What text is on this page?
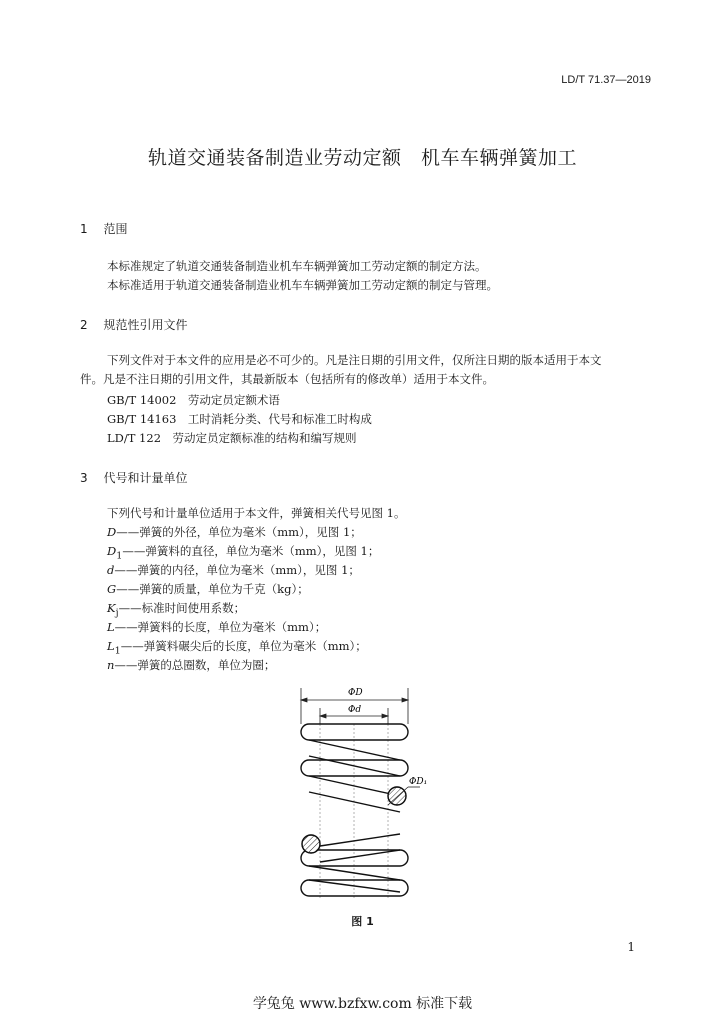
LD/T 71.37—2019
轨道交通装备制造业劳动定额　机车车辆弹簧加工
1 范围
本标准规定了轨道交通装备制造业机车车辆弹簧加工劳动定额的制定方法。
本标准适用于轨道交通装备制造业机车车辆弹簧加工劳动定额的制定与管理。
2 规范性引用文件
下列文件对于本文件的应用是必不可少的。凡是注日期的引用文件，仅所注日期的版本适用于本文
件。凡是不注日期的引用文件，其最新版本（包括所有的修改单）适用于本文件。
GB/T 14002　劳动定员定额术语
GB/T 14163　工时消耗分类、代号和标准工时构成
LD/T 122　劳动定员定额标准的结构和编写规则
3 代号和计量单位
下列代号和计量单位适用于本文件，弹簧相关代号见图 1。
D——弹簧的外径，单位为毫米（mm），见图 1；
$D_1——$弹簧料的直径，单位为毫米（mm），见图 1；
d——弹簧的内径，单位为毫米（mm），见图 1；
G——弹簧的质量，单位为千克（kg）；
$K_j——$标准时间使用系数；
L——弹簧料的长度，单位为毫米（mm）；
$L_1——$弹簧料碾尖后的长度，单位为毫米（mm）；
n——弹簧的总圈数，单位为圈；
ΦD
Φd
ΦD₁
图 1
1
学兔兔 www.bzfxw.com 标准下载
